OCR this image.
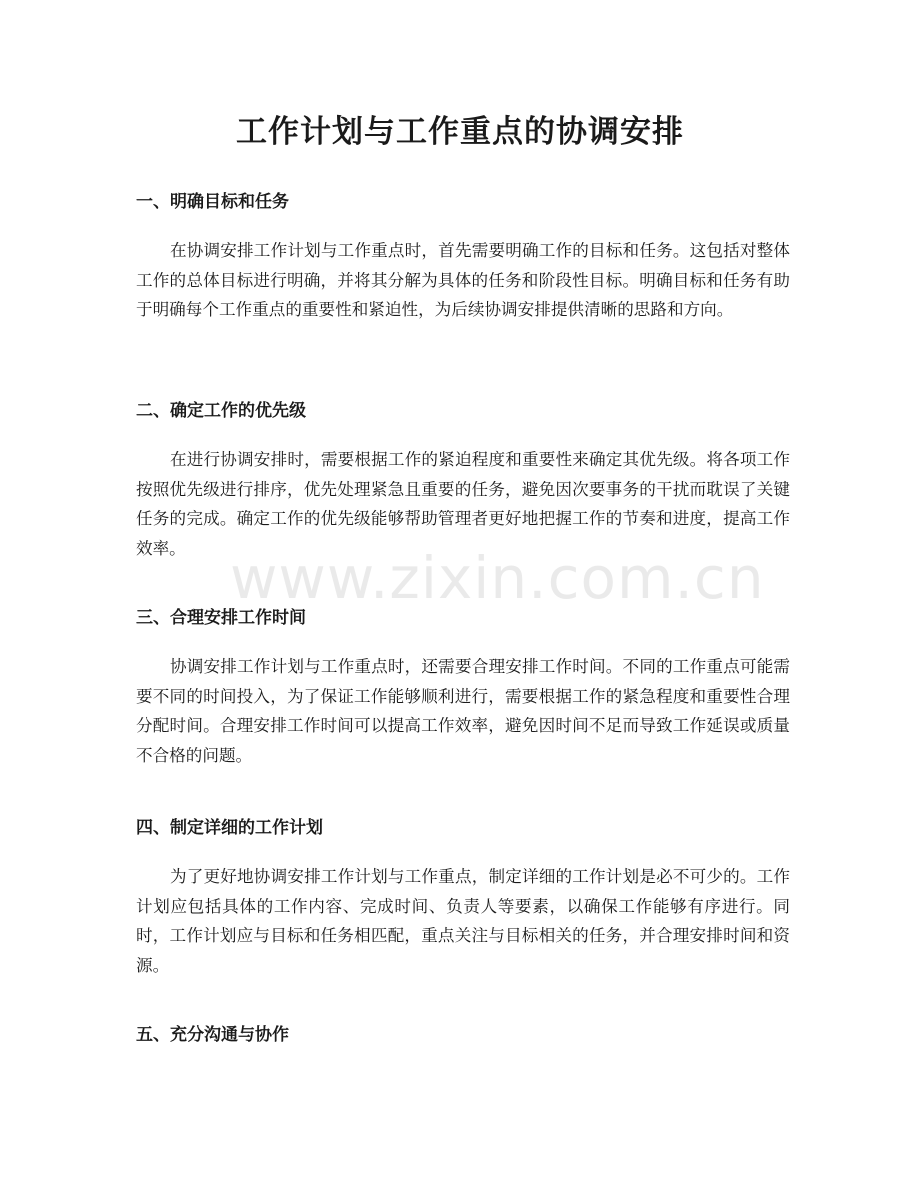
工作计划与工作重点的协调安排
一、明确目标和任务

在协调安排工作计划与工作重点时，首先需要明确工作的目标和任务。这包括对整体工作的总体目标进行明确，并将其分解为具体的任务和阶段性目标。明确目标和任务有助于明确每个工作重点的重要性和紧迫性，为后续协调安排提供清晰的思路和方向。

二、确定工作的优先级

在进行协调安排时，需要根据工作的紧迫程度和重要性来确定其优先级。将各项工作按照优先级进行排序，优先处理紧急且重要的任务，避免因次要事务的干扰而耽误了关键任务的完成。确定工作的优先级能够帮助管理者更好地把握工作的节奏和进度，提高工作效率。

三、合理安排工作时间

协调安排工作计划与工作重点时，还需要合理安排工作时间。不同的工作重点可能需要不同的时间投入，为了保证工作能够顺利进行，需要根据工作的紧急程度和重要性合理分配时间。合理安排工作时间可以提高工作效率，避免因时间不足而导致工作延误或质量不合格的问题。

四、制定详细的工作计划

为了更好地协调安排工作计划与工作重点，制定详细的工作计划是必不可少的。工作计划应包括具体的工作内容、完成时间、负责人等要素，以确保工作能够有序进行。同时，工作计划应与目标和任务相匹配，重点关注与目标相关的任务，并合理安排时间和资源。

五、充分沟通与协作
www.zixin.com.cn
